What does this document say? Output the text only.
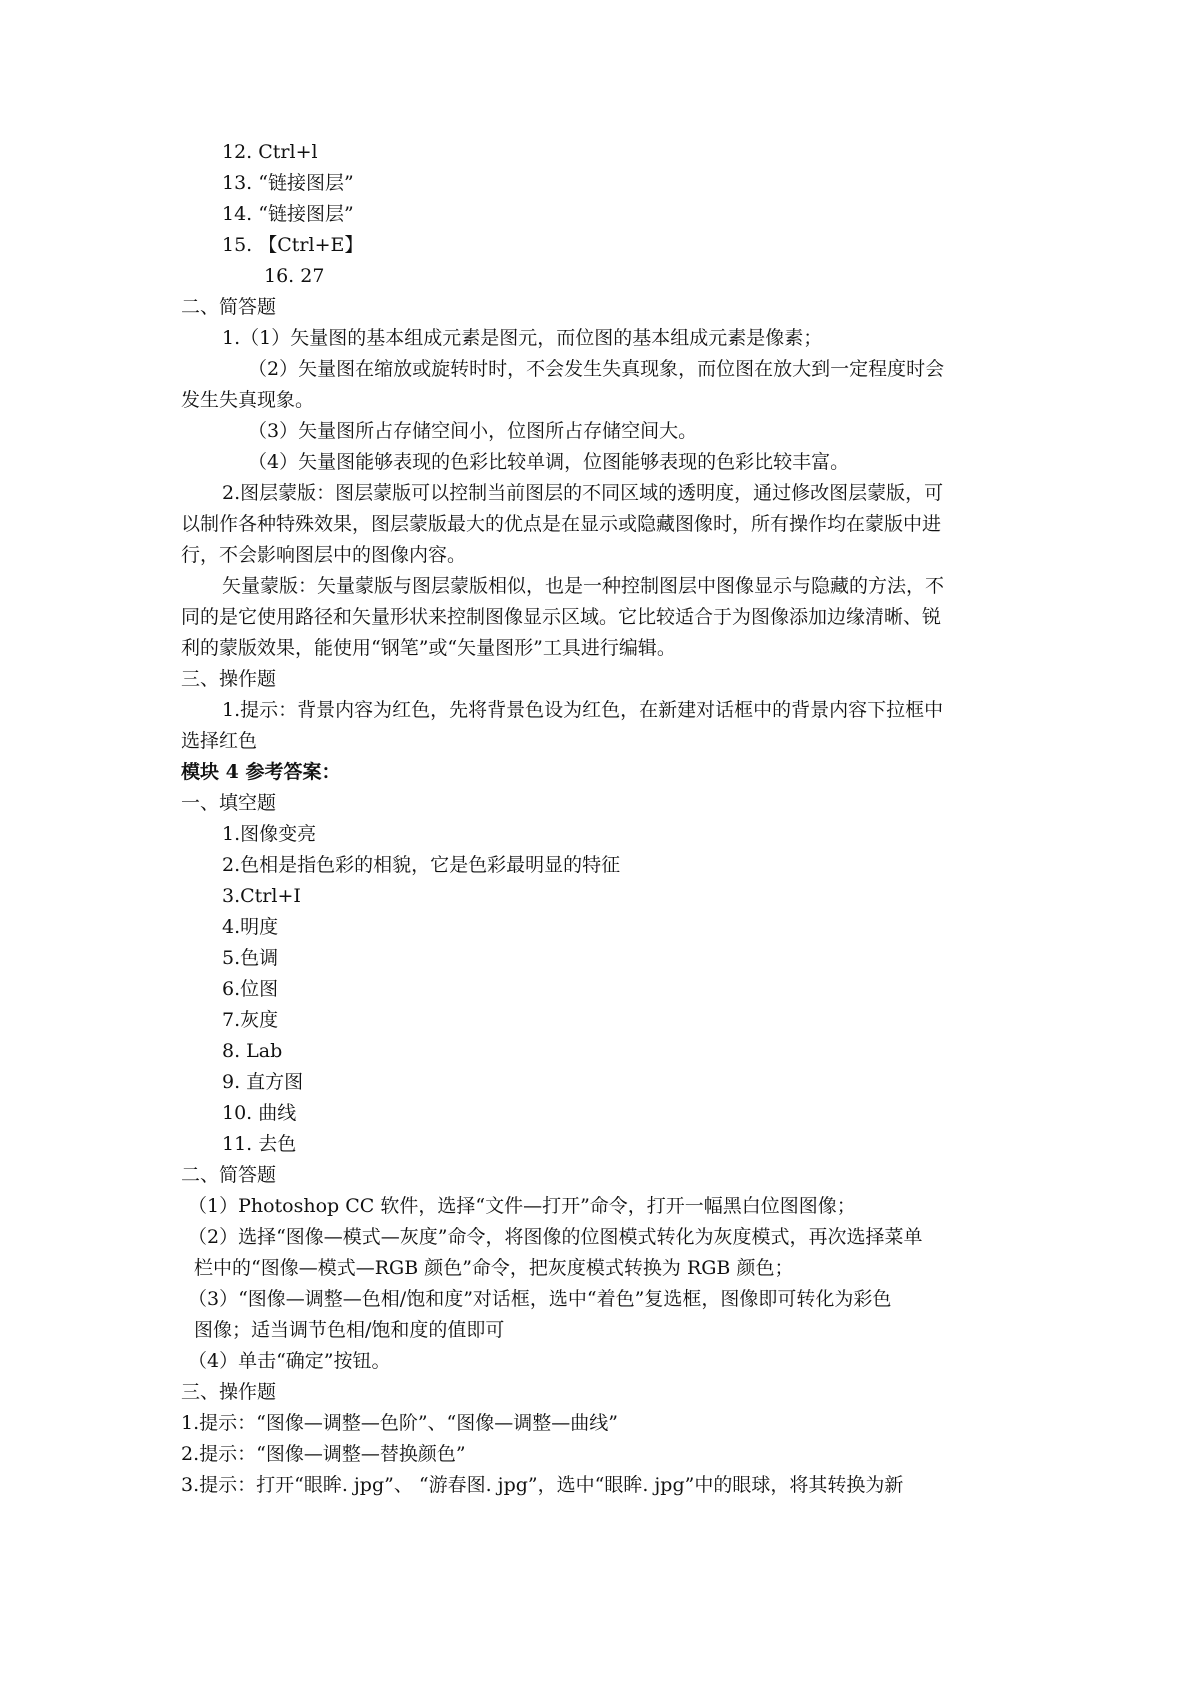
12. Ctrl+l
13. “链接图层”
14. “链接图层”
15. 【Ctrl+E】
16. 27
二、简答题
1.（1）矢量图的基本组成元素是图元，而位图的基本组成元素是像素；
（2）矢量图在缩放或旋转时时，不会发生失真现象，而位图在放大到一定程度时会
发生失真现象。
（3）矢量图所占存储空间小，位图所占存储空间大。
（4）矢量图能够表现的色彩比较单调，位图能够表现的色彩比较丰富。
2.图层蒙版：图层蒙版可以控制当前图层的不同区域的透明度，通过修改图层蒙版，可
以制作各种特殊效果，图层蒙版最大的优点是在显示或隐藏图像时，所有操作均在蒙版中进
行，不会影响图层中的图像内容。
矢量蒙版：矢量蒙版与图层蒙版相似，也是一种控制图层中图像显示与隐藏的方法，不
同的是它使用路径和矢量形状来控制图像显示区域。它比较适合于为图像添加边缘清晰、锐
利的蒙版效果，能使用“钢笔”或“矢量图形”工具进行编辑。
三、操作题
1.提示：背景内容为红色，先将背景色设为红色，在新建对话框中的背景内容下拉框中
选择红色
模块 4 参考答案：
一、填空题
1.图像变亮
2.色相是指色彩的相貌，它是色彩最明显的特征
3.Ctrl+I
4.明度
5.色调
6.位图
7.灰度
8. Lab
9. 直方图
10. 曲线
11. 去色
二、简答题
（1）Photoshop CC 软件，选择“文件—打开”命令，打开一幅黑白位图图像；
（2）选择“图像—模式—灰度”命令，将图像的位图模式转化为灰度模式，再次选择菜单
栏中的“图像—模式—RGB 颜色”命令，把灰度模式转换为 RGB 颜色；
（3）“图像—调整—色相/饱和度”对话框，选中“着色”复选框，图像即可转化为彩色
图像；适当调节色相/饱和度的值即可
（4）单击“确定”按钮。
三、操作题
1.提示：“图像—调整—色阶”、“图像—调整—曲线”
2.提示：“图像—调整—替换颜色”
3.提示：打开“眼眸. jpg”、 “游春图. jpg”，选中“眼眸. jpg”中的眼球，将其转换为新
